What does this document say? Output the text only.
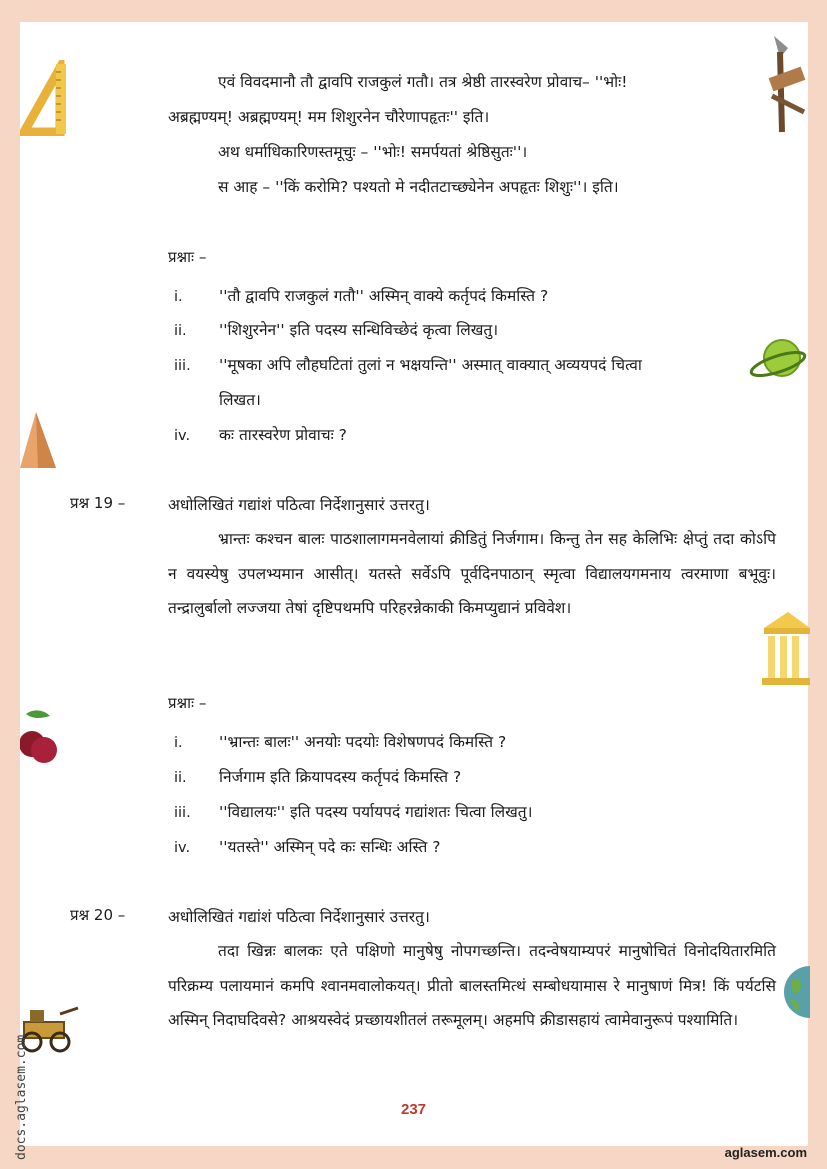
एवं विवदमानौ तौ द्वावपि राजकुलं गतौ। तत्र श्रेष्ठी तारस्वरेण प्रोवाच– ''भोः!
अब्रह्मण्यम्! अब्रह्मण्यम्! मम शिशुरनेन चौरेणापहृतः'' इति।
अथ धर्माधिकारिणस्तमूचुः – ''भोः! समर्पयतां श्रेष्ठिसुतः''।
स आह – ''किं करोमि? पश्यतो मे नदीतटाच्छ्येनेन अपहृतः शिशुः''। इति।
प्रश्नाः –
i. ''तौ द्वावपि राजकुलं गतौ'' अस्मिन् वाक्ये कर्तृपदं किमस्ति ?
ii. ''शिशुरनेन'' इति पदस्य सन्धिविच्छेदं कृत्वा लिखतु।
iii. ''मूषका अपि लौहघटितां तुलां न भक्षयन्ति'' अस्मात् वाक्यात् अव्ययपदं चित्वा
लिखत।
iv. कः तारस्वरेण प्रोवाचः ?
प्रश्न 19 –	अधोलिखितं गद्यांशं पठित्वा निर्देशानुसारं उत्तरतु।
भ्रान्तः कश्चन बालः पाठशालागमनवेलायां क्रीडितुं निर्जगाम। किन्तु तेन सह केलिभिः क्षेप्तुं तदा कोऽपि न वयस्येषु उपलभ्यमान आसीत्। यतस्ते सर्वेऽपि पूर्वदिनपाठान् स्मृत्वा विद्यालयगमनाय त्वरमाणा बभूवुः। तन्द्रालुर्बालो लज्जया तेषां दृष्टिपथमपि परिहरन्नेकाकी किमप्युद्यानं प्रविवेश।
प्रश्नाः –
i. ''भ्रान्तः बालः'' अनयोः पदयोः विशेषणपदं किमस्ति ?
ii. निर्जगाम इति क्रियापदस्य कर्तृपदं किमस्ति ?
iii. ''विद्यालयः'' इति पदस्य पर्यायपदं गद्यांशतः चित्वा लिखतु।
iv. ''यतस्ते'' अस्मिन् पदे कः सन्धिः अस्ति ?
प्रश्न 20 –	अधोलिखितं गद्यांशं पठित्वा निर्देशानुसारं उत्तरतु।
तदा खिन्नः बालकः एते पक्षिणो मानुषेषु नोपगच्छन्ति। तदन्वेषयाम्यपरं मानुषोचितं विनोदयितारमिति परिक्रम्य पलायमानं कमपि श्वानमवालोकयत्। प्रीतो बालस्तमित्थं सम्बोधयामास रे मानुषाणं मित्र! किं पर्यटसि अस्मिन् निदाघदिवसे? आश्रयस्वेदं प्रच्छायशीतलं तरूमूलम्। अहमपि क्रीडासहायं त्वामेवानुरूपं पश्यामिति।
237
aglasem.com
docs.aglasem.com
